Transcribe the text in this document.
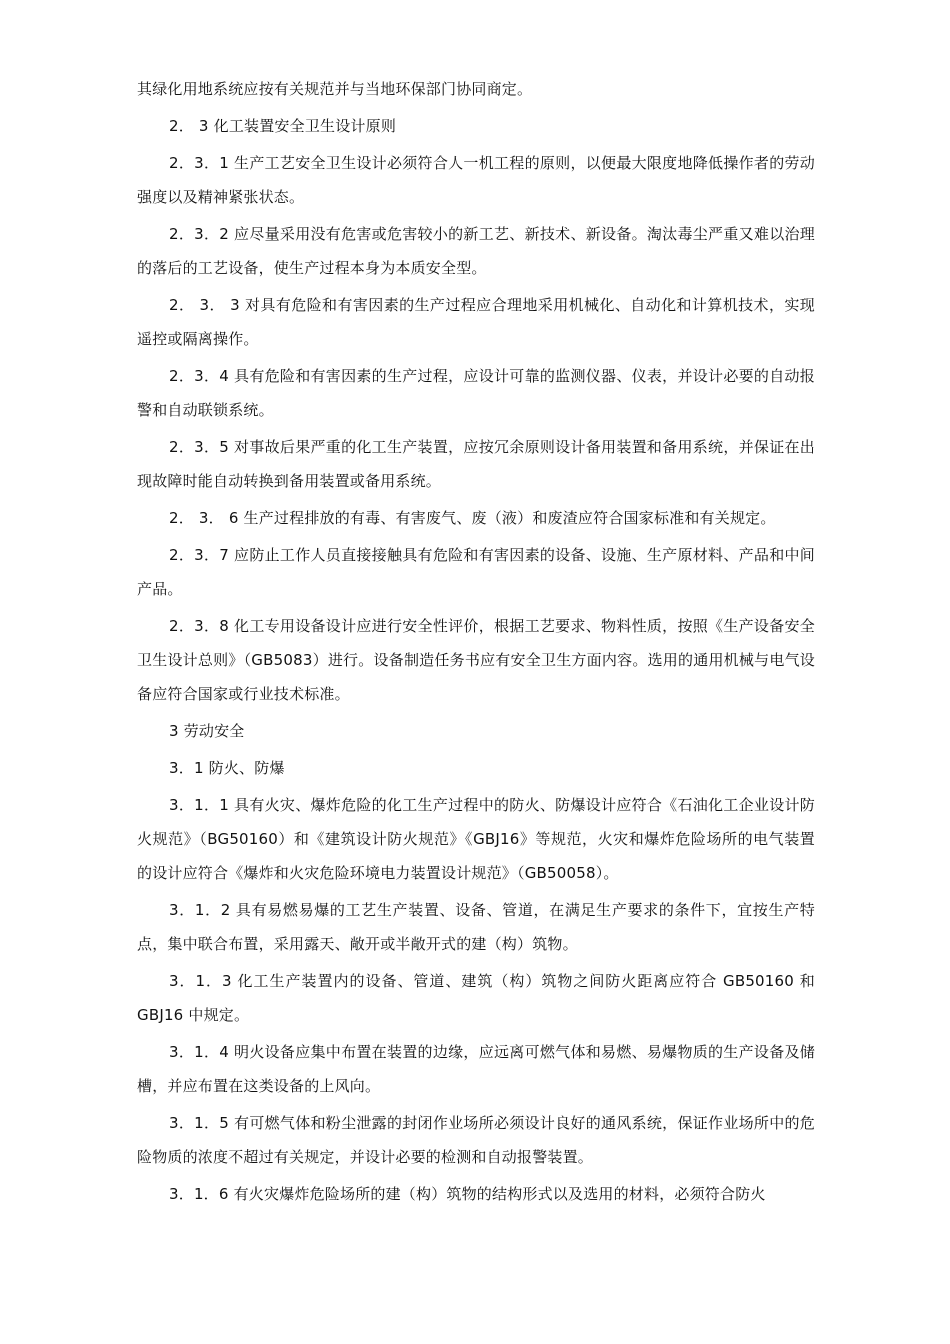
其绿化用地系统应按有关规范并与当地环保部门协同商定。

2． 3 化工装置安全卫生设计原则

2．3．1 生产工艺安全卫生设计必须符合人一机工程的原则，以便最大限度地降低操作者的劳动强度以及精神紧张状态。

2．3．2 应尽量采用没有危害或危害较小的新工艺、新技术、新设备。淘汰毒尘严重又难以治理的落后的工艺设备，使生产过程本身为本质安全型。

2． 3． 3 对具有危险和有害因素的生产过程应合理地采用机械化、自动化和计算机技术，实现遥控或隔离操作。

2．3．4 具有危险和有害因素的生产过程，应设计可靠的监测仪器、仪表，并设计必要的自动报警和自动联锁系统。

2．3．5 对事故后果严重的化工生产装置，应按冗余原则设计备用装置和备用系统，并保证在出现故障时能自动转换到备用装置或备用系统。

2． 3． 6 生产过程排放的有毒、有害废气、废（液）和废渣应符合国家标准和有关规定。

2．3．7 应防止工作人员直接接触具有危险和有害因素的设备、设施、生产原材料、产品和中间产品。

2．3．8 化工专用设备设计应进行安全性评价，根据工艺要求、物料性质，按照《生产设备安全卫生设计总则》（GB5083）进行。设备制造任务书应有安全卫生方面内容。选用的通用机械与电气设备应符合国家或行业技术标准。

3 劳动安全

3．1 防火、防爆

3．1．1 具有火灾、爆炸危险的化工生产过程中的防火、防爆设计应符合《石油化工企业设计防火规范》（BG50160）和《建筑设计防火规范》《GBJ16》等规范，火灾和爆炸危险场所的电气装置的设计应符合《爆炸和火灾危险环境电力装置设计规范》（GB50058）。

3．1．2 具有易燃易爆的工艺生产装置、设备、管道，在满足生产要求的条件下，宜按生产特点，集中联合布置，采用露天、敞开或半敞开式的建（构）筑物。

3．1．3 化工生产装置内的设备、管道、建筑（构）筑物之间防火距离应符合 GB50160 和 GBJ16 中规定。

3．1．4 明火设备应集中布置在装置的边缘，应远离可燃气体和易燃、易爆物质的生产设备及储槽，并应布置在这类设备的上风向。

3．1．5 有可燃气体和粉尘泄露的封闭作业场所必须设计良好的通风系统，保证作业场所中的危险物质的浓度不超过有关规定，并设计必要的检测和自动报警装置。

3．1．6 有火灾爆炸危险场所的建（构）筑物的结构形式以及选用的材料，必须符合防火
